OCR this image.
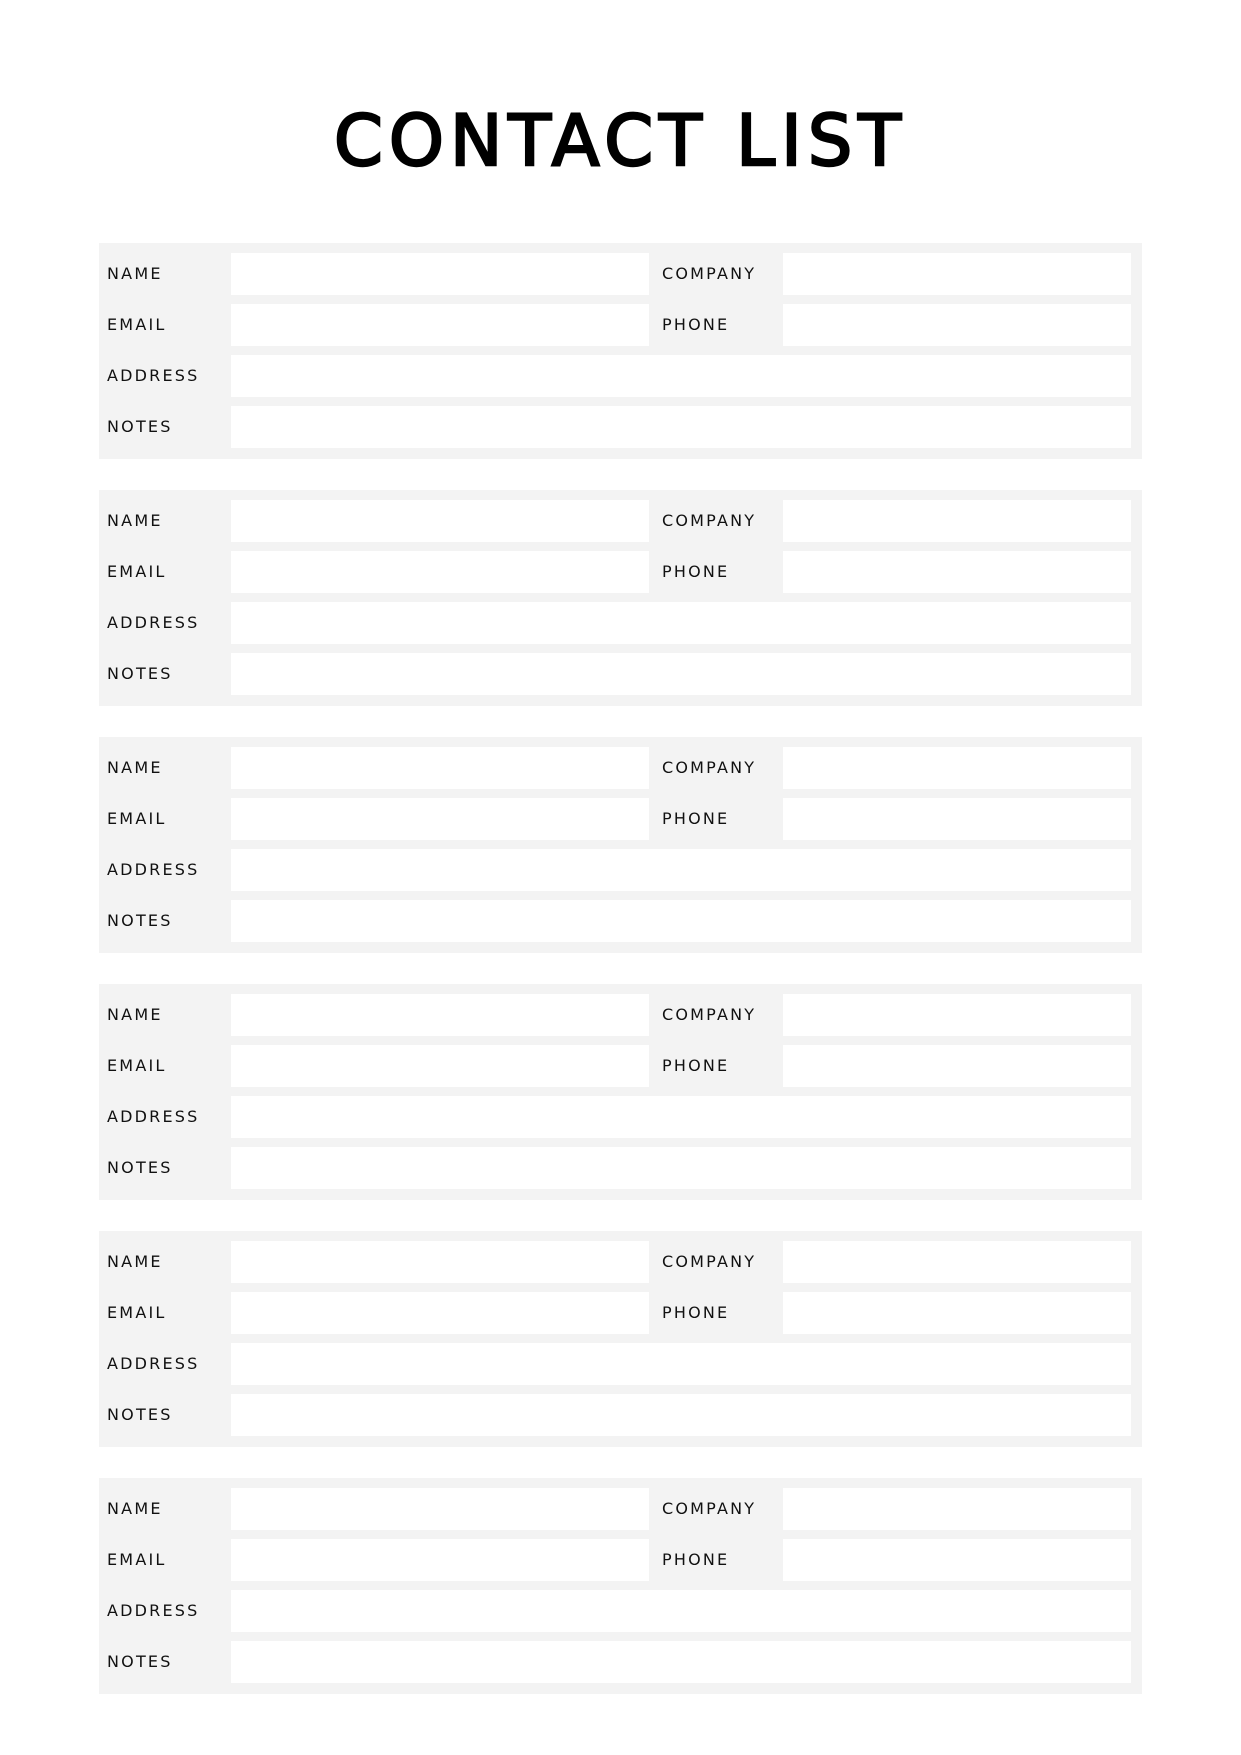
CONTACT LIST
NAME	COMPANY
EMAIL	PHONE
ADDRESS
NOTES
NAME	COMPANY
EMAIL	PHONE
ADDRESS
NOTES
NAME	COMPANY
EMAIL	PHONE
ADDRESS
NOTES
NAME	COMPANY
EMAIL	PHONE
ADDRESS
NOTES
NAME	COMPANY
EMAIL	PHONE
ADDRESS
NOTES
NAME	COMPANY
EMAIL	PHONE
ADDRESS
NOTES
